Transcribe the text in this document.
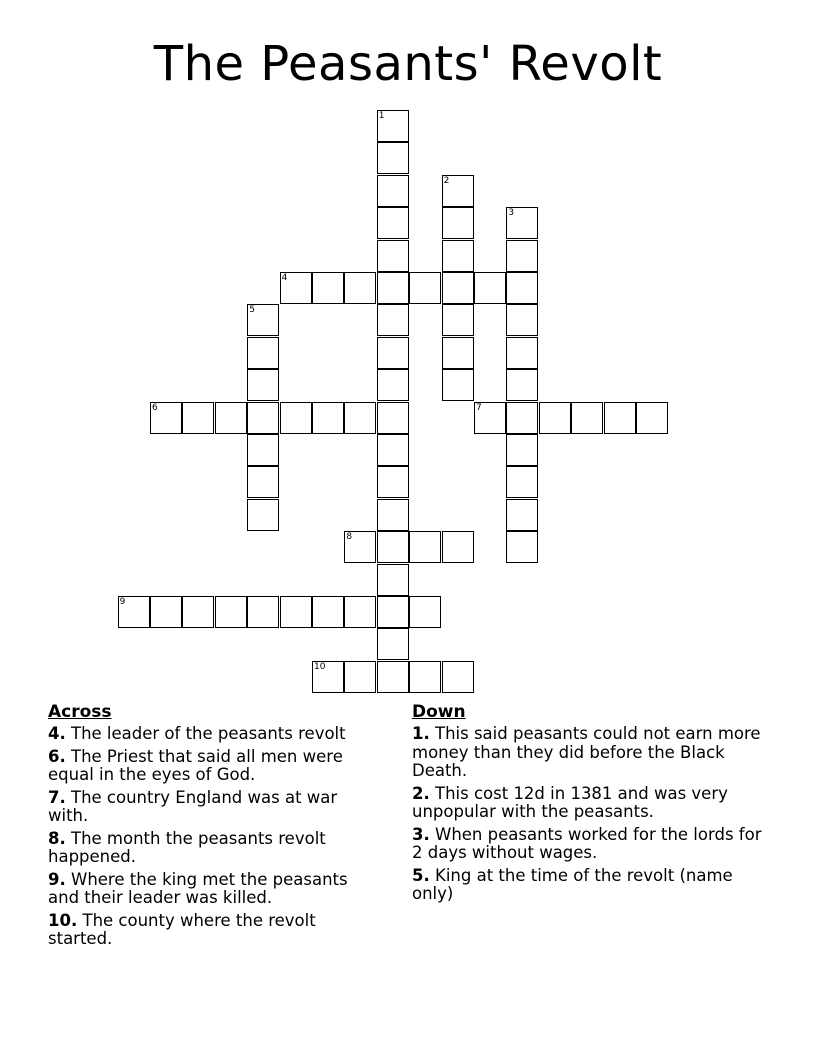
The Peasants' Revolt
1
2
3
4
5
6	7
8
9
10
Across
4. The leader of the peasants revolt
6. The Priest that said all men were equal in the eyes of God.
7. The country England was at war with.
8. The month the peasants revolt happened.
9. Where the king met the peasants and their leader was killed.
10. The county where the revolt started.
Down
1. This said peasants could not earn more money than they did before the Black Death.
2. This cost 12d in 1381 and was very unpopular with the peasants.
3. When peasants worked for the lords for 2 days without wages.
5. King at the time of the revolt (name only)
